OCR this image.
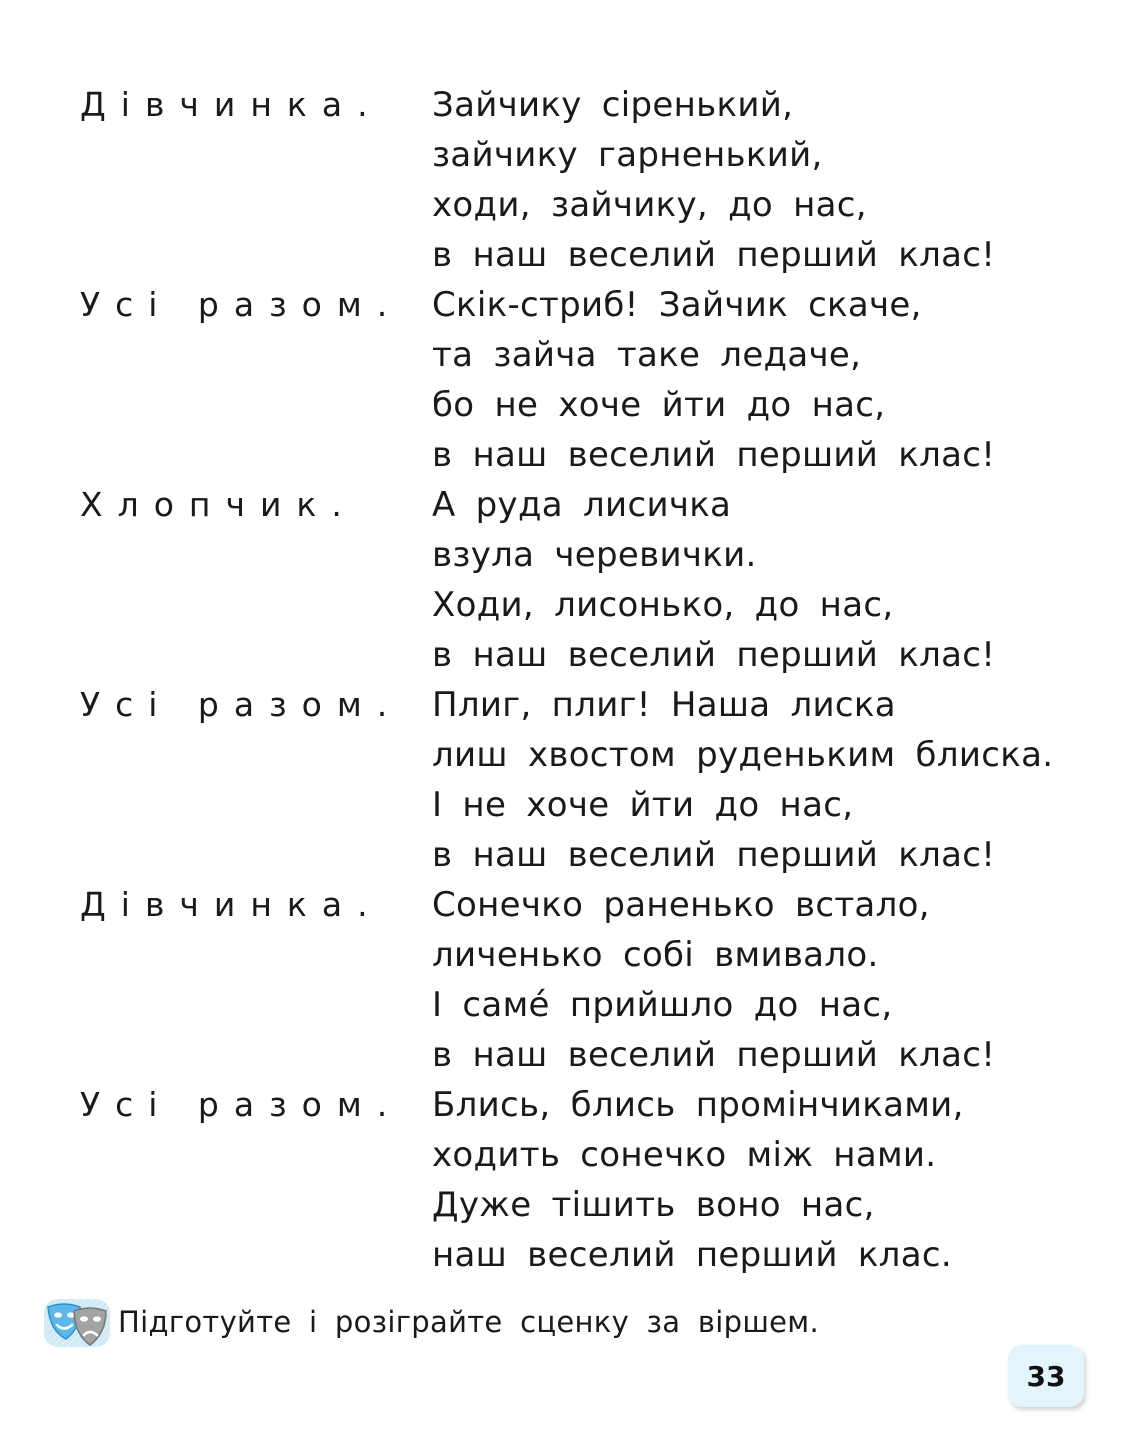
Дівчинка.	Зайчику сіренький,
зайчику гарненький,
ходи, зайчику, до нас,
в наш веселий перший клас!
Усі разом. Скік-стриб! Зайчик скаче,
та зайча таке ледаче,
бо не хоче йти до нас,
в наш веселий перший клас!
Хлопчик.	А руда лисичка
взула черевички.
Ходи, лисонько, до нас,
в наш веселий перший клас!
Усі разом. Плиг, плиг! Наша лиска
лиш хвостом руденьким блиска.
І не хоче йти до нас,
в наш веселий перший клас!
Дівчинка.	Сонечко раненько встало,
личенько собі вмивало.
І саме́ прийшло до нас,
в наш веселий перший клас!
Усі разом. Блись, блись промінчиками,
ходить сонечко між нами.
Дуже тішить воно нас,
наш веселий перший клас.
Підготуйте і розіграйте сценку за віршем.
33
